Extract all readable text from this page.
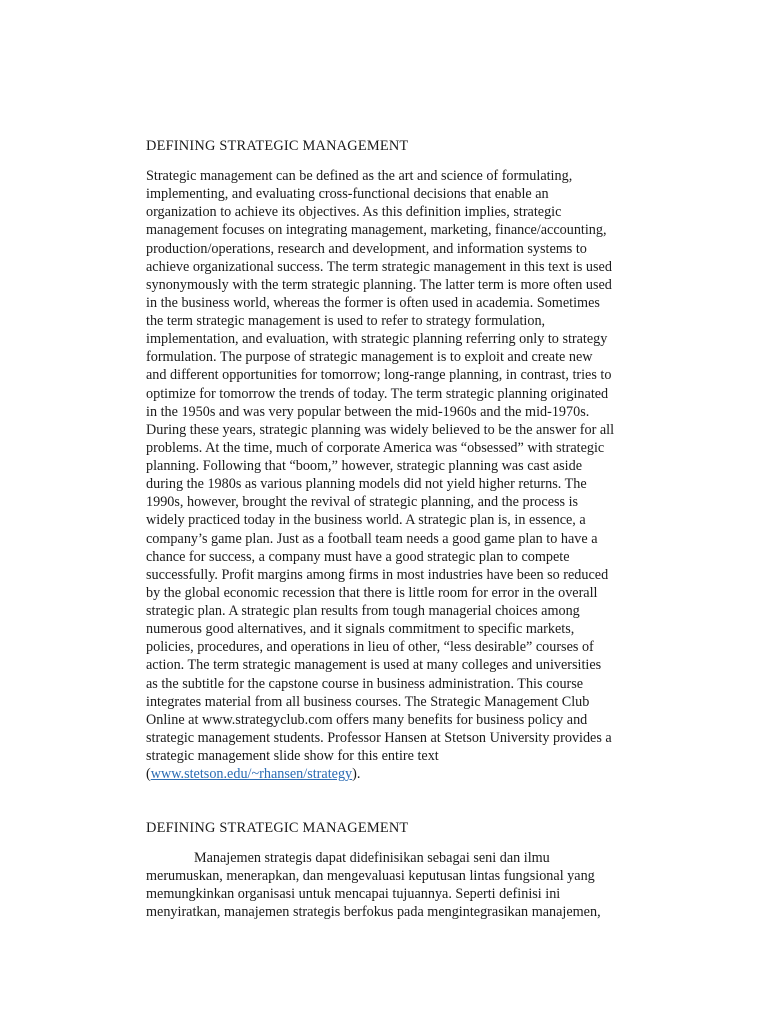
DEFINING STRATEGIC MANAGEMENT
Strategic management can be defined as the art and science of formulating,
implementing, and evaluating cross-functional decisions that enable an
organization to achieve its objectives. As this definition implies, strategic
management focuses on integrating management, marketing, finance/accounting,
production/operations, research and development, and information systems to
achieve organizational success. The term strategic management in this text is used
synonymously with the term strategic planning. The latter term is more often used
in the business world, whereas the former is often used in academia. Sometimes
the term strategic management is used to refer to strategy formulation,
implementation, and evaluation, with strategic planning referring only to strategy
formulation. The purpose of strategic management is to exploit and create new
and different opportunities for tomorrow; long-range planning, in contrast, tries to
optimize for tomorrow the trends of today. The term strategic planning originated
in the 1950s and was very popular between the mid-1960s and the mid-1970s.
During these years, strategic planning was widely believed to be the answer for all
problems. At the time, much of corporate America was “obsessed” with strategic
planning. Following that “boom,” however, strategic planning was cast aside
during the 1980s as various planning models did not yield higher returns. The
1990s, however, brought the revival of strategic planning, and the process is
widely practiced today in the business world. A strategic plan is, in essence, a
company’s game plan. Just as a football team needs a good game plan to have a
chance for success, a company must have a good strategic plan to compete
successfully. Profit margins among firms in most industries have been so reduced
by the global economic recession that there is little room for error in the overall
strategic plan. A strategic plan results from tough managerial choices among
numerous good alternatives, and it signals commitment to specific markets,
policies, procedures, and operations in lieu of other, “less desirable” courses of
action. The term strategic management is used at many colleges and universities
as the subtitle for the capstone course in business administration. This course
integrates material from all business courses. The Strategic Management Club
Online at www.strategyclub.com offers many benefits for business policy and
strategic management students. Professor Hansen at Stetson University provides a
strategic management slide show for this entire text
(www.stetson.edu/~rhansen/strategy).
DEFINING STRATEGIC MANAGEMENT
Manajemen strategis dapat didefinisikan sebagai seni dan ilmu
merumuskan, menerapkan, dan mengevaluasi keputusan lintas fungsional yang
memungkinkan organisasi untuk mencapai tujuannya. Seperti definisi ini
menyiratkan, manajemen strategis berfokus pada mengintegrasikan manajemen,
